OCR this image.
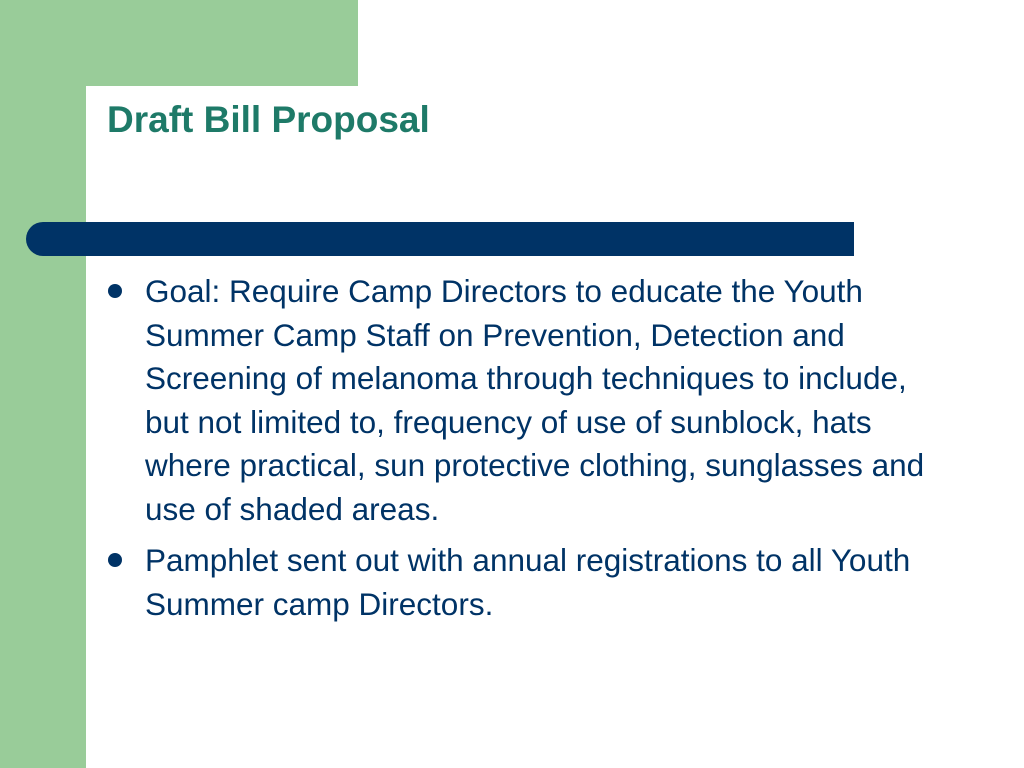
Draft Bill Proposal
Goal: Require Camp Directors to educate the Youth Summer Camp Staff on Prevention, Detection and Screening of melanoma through techniques to include, but not limited to, frequency of use of sunblock, hats where practical, sun protective clothing, sunglasses and use of shaded areas.
Pamphlet sent out with annual registrations to all Youth Summer camp Directors.
